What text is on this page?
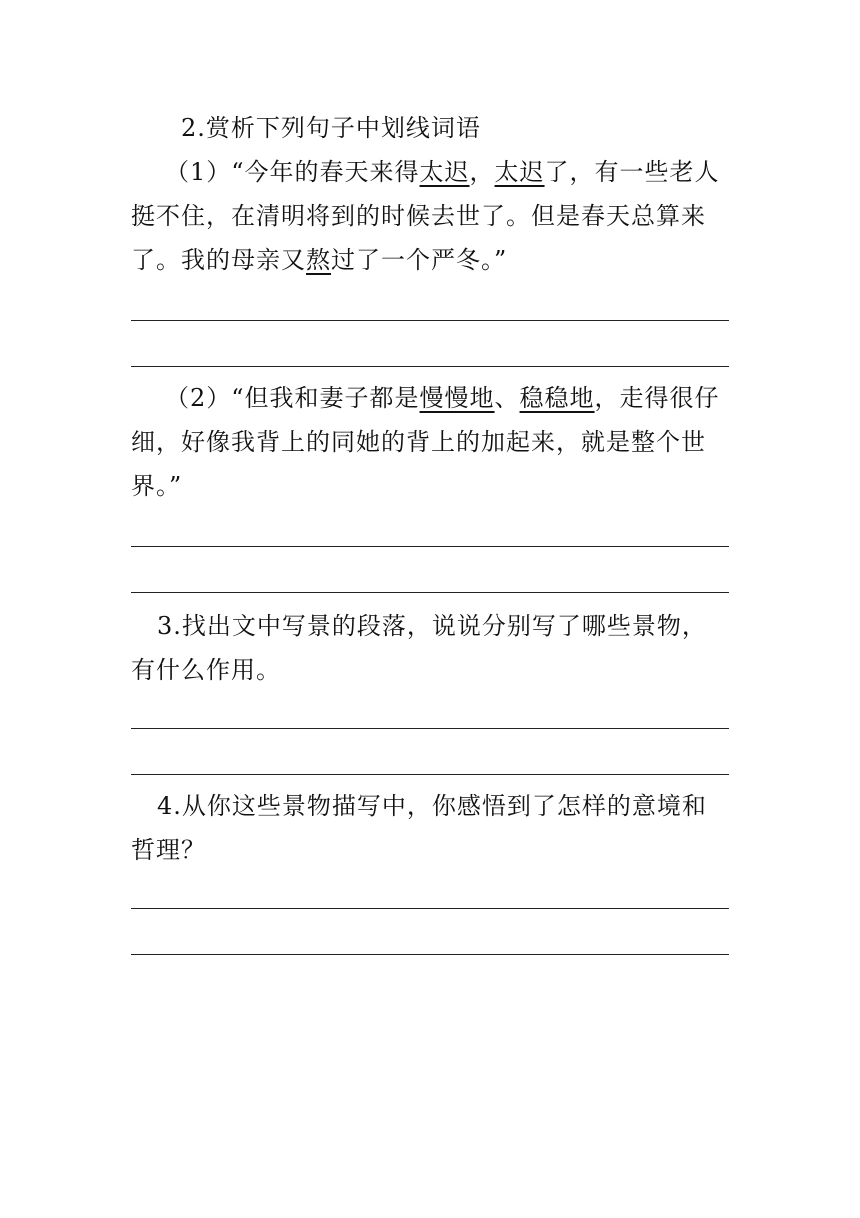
2.赏析下列句子中划线词语

（1）“今年的春天来得太迟，太迟了，有一些老人挺不住，在清明将到的时候去世了。但是春天总算来了。我的母亲又熬过了一个严冬。”

（2）“但我和妻子都是慢慢地、稳稳地，走得很仔细，好像我背上的同她的背上的加起来，就是整个世界。”

3.找出文中写景的段落，说说分别写了哪些景物，有什么作用。

4.从你这些景物描写中，你感悟到了怎样的意境和哲理？
